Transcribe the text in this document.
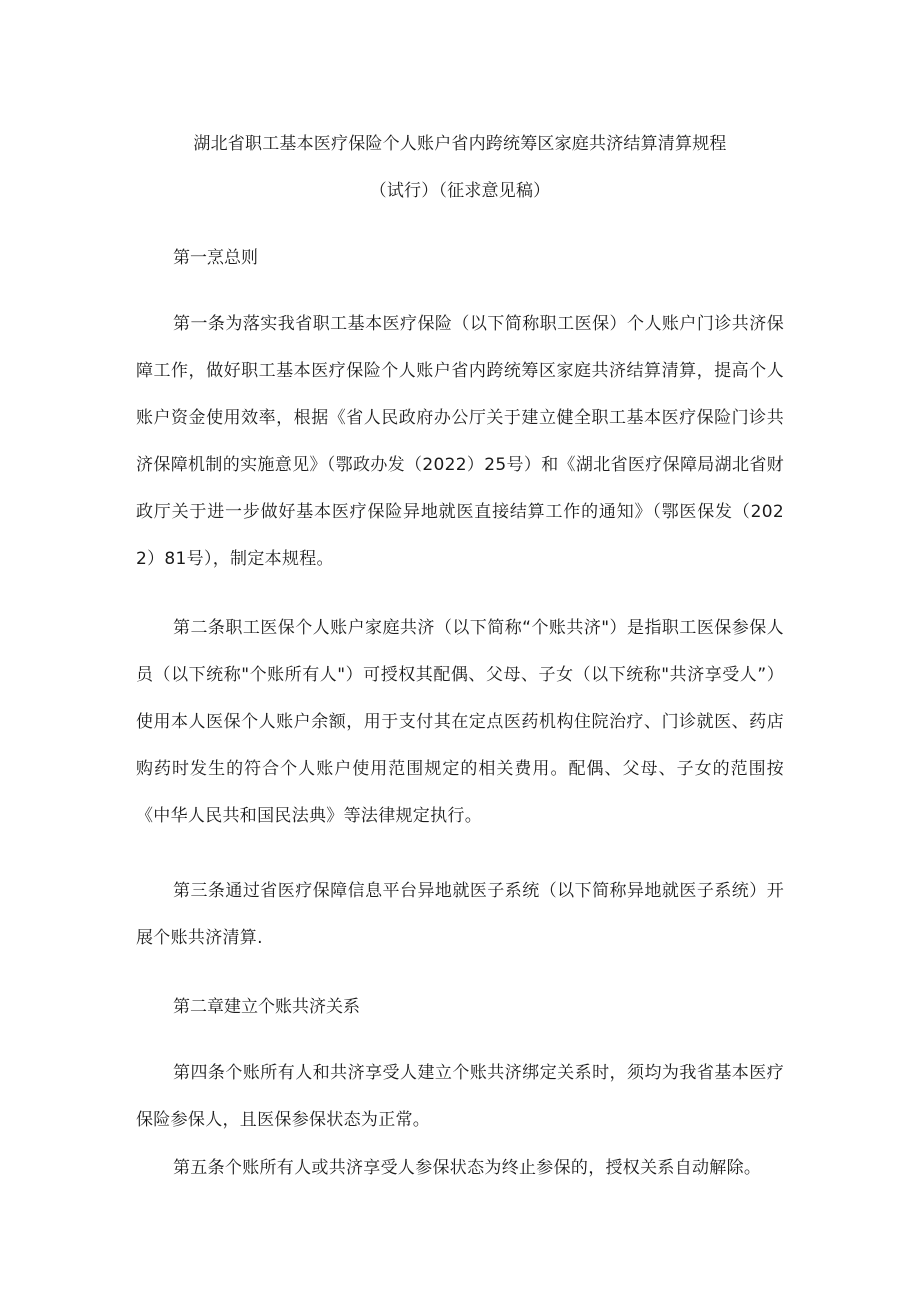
湖北省职工基本医疗保险个人账户省内跨统筹区家庭共济结算清算规程
（试行）（征求意见稿）
第一烹总则
第一条为落实我省职工基本医疗保险（以下简称职工医保）个人账户门诊共济保障工作，做好职工基本医疗保险个人账户省内跨统筹区家庭共济结算清算，提高个人账户资金使用效率，根据《省人民政府办公厅关于建立健全职工基本医疗保险门诊共济保障机制的实施意见》（鄂政办发（2022）25号）和《湖北省医疗保障局湖北省财政厅关于进一步做好基本医疗保险异地就医直接结算工作的通知》（鄂医保发（2022）81号），制定本规程。
第二条职工医保个人账户家庭共济（以下简称“个账共济"）是指职工医保参保人员（以下统称"个账所有人"）可授权其配偶、父母、子女（以下统称"共济享受人”）使用本人医保个人账户余额，用于支付其在定点医药机构住院治疗、门诊就医、药店购药时发生的符合个人账户使用范围规定的相关费用。配偶、父母、子女的范围按《中华人民共和国民法典》等法律规定执行。
第三条通过省医疗保障信息平台异地就医子系统（以下简称异地就医子系统）开展个账共济清算.
第二章建立个账共济关系
第四条个账所有人和共济享受人建立个账共济绑定关系时，须均为我省基本医疗保险参保人，且医保参保状态为正常。
第五条个账所有人或共济享受人参保状态为终止参保的，授权关系自动解除。
